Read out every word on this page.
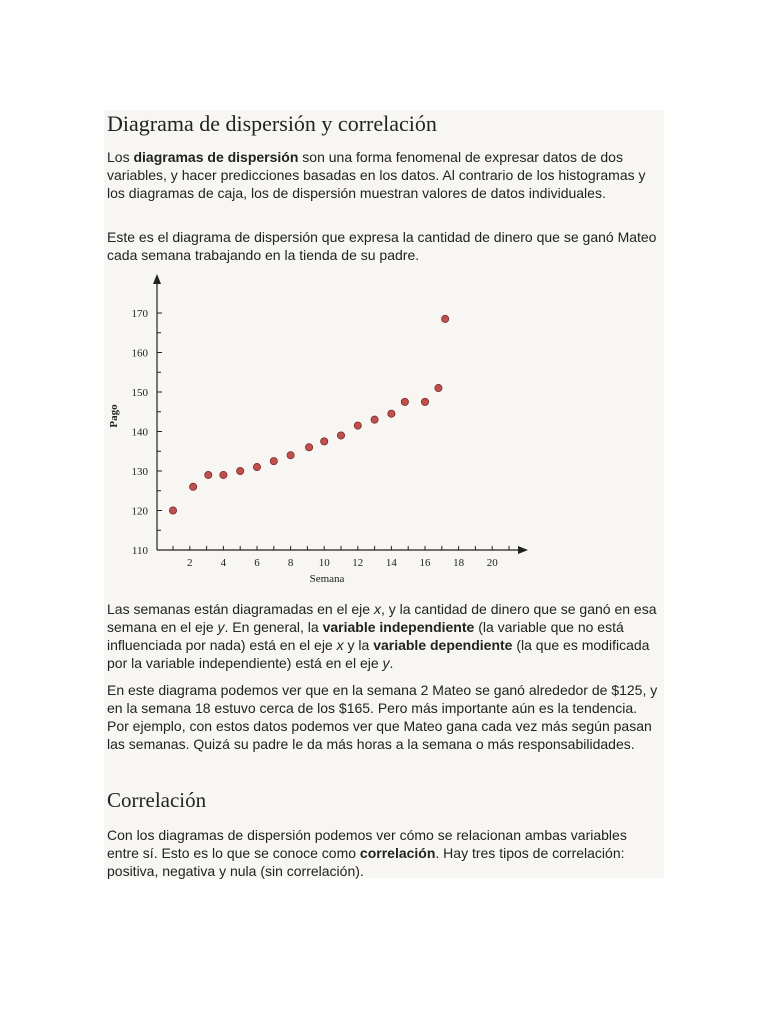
Diagrama de dispersión y correlación

Los diagramas de dispersión son una forma fenomenal de expresar datos de dos variables, y hacer predicciones basadas en los datos. Al contrario de los histogramas y los diagramas de caja, los de dispersión muestran valores de datos individuales.

Este es el diagrama de dispersión que expresa la cantidad de dinero que se ganó Mateo cada semana trabajando en la tienda de su padre.

110
120
130
140
150
160
170
2	4	6	8 10 12 14 16 18 20
Semana
Pago

Las semanas están diagramadas en el eje x, y la cantidad de dinero que se ganó en esa semana en el eje y. En general, la variable independiente (la variable que no está influenciada por nada) está en el eje x y la variable dependiente (la que es modificada por la variable independiente) está en el eje y.

En este diagrama podemos ver que en la semana 2 Mateo se ganó alrededor de $125, y en la semana 18 estuvo cerca de los $165. Pero más importante aún es la tendencia. Por ejemplo, con estos datos podemos ver que Mateo gana cada vez más según pasan las semanas. Quizá su padre le da más horas a la semana o más responsabilidades.

Correlación

Con los diagramas de dispersión podemos ver cómo se relacionan ambas variables entre sí. Esto es lo que se conoce como correlación. Hay tres tipos de correlación: positiva, negativa y nula (sin correlación).
